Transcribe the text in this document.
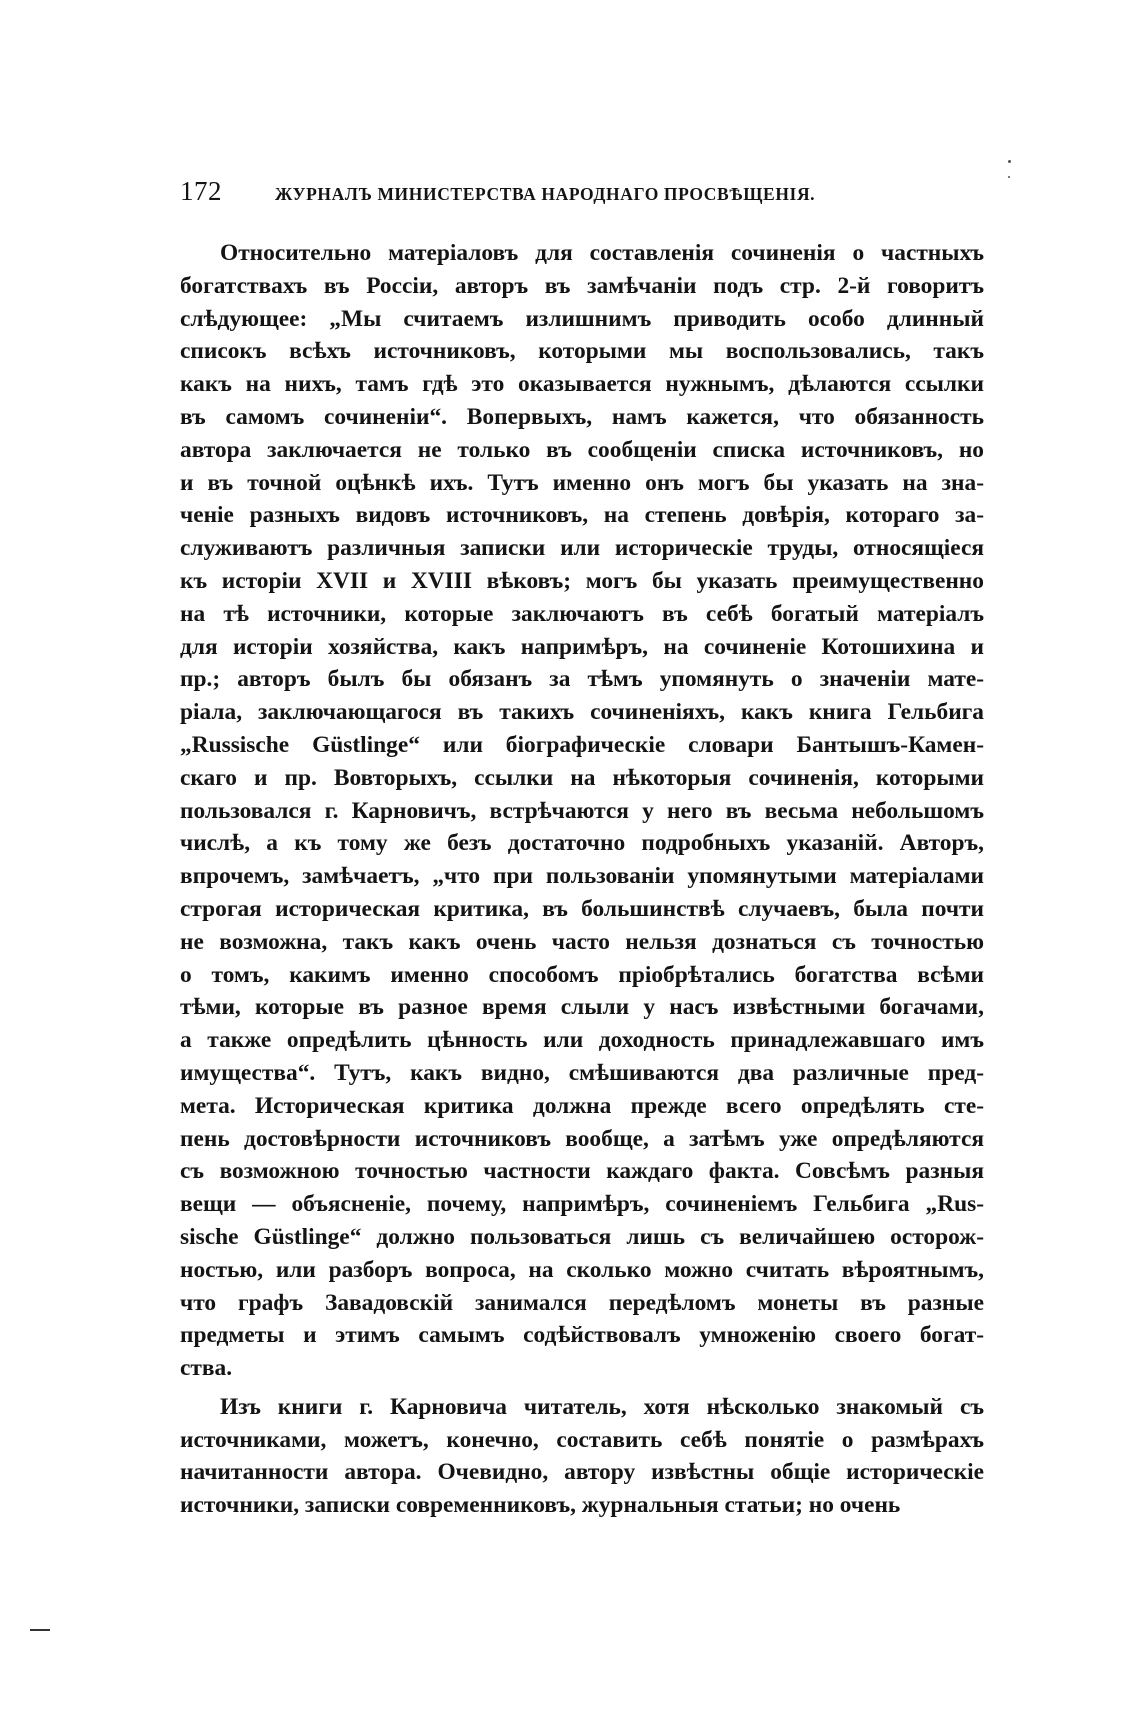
172	ЖУРНАЛЪ МИНИСТЕРСТВА НАРОДНАГО ПРОСВѢЩЕНІЯ.
Относительно матеріаловъ для составленія сочиненія о частныхъ
богатствахъ въ Россіи, авторъ въ замѣчаніи подъ стр. 2-й говоритъ
слѣдующее: „Мы считаемъ излишнимъ приводить особо длинный
списокъ всѣхъ источниковъ, которыми мы воспользовались, такъ
какъ на нихъ, тамъ гдѣ это оказывается нужнымъ, дѣлаются ссылки
въ самомъ сочиненіи“. Вопервыхъ, намъ кажется, что обязанность
автора заключается не только въ сообщеніи списка источниковъ, но
и въ точной оцѣнкѣ ихъ. Тутъ именно онъ могъ бы указать на зна-
ченіе разныхъ видовъ источниковъ, на степень довѣрія, котораго за-
служиваютъ различныя записки или историческіе труды, относящіеся
къ исторіи XVII и XVIII вѣковъ; могъ бы указать преимущественно
на тѣ источники, которые заключаютъ въ себѣ богатый матеріалъ
для исторіи хозяйства, какъ напримѣръ, на сочиненіе Котошихина и
пр.; авторъ былъ бы обязанъ за тѣмъ упомянуть о значеніи мате-
ріала, заключающагося въ такихъ сочиненіяхъ, какъ книга Гельбига
„Russische Güstlinge“ или біографическіе словари Бантышъ-Камен-
скаго и пр. Вовторыхъ, ссылки на нѣкоторыя сочиненія, которыми
пользовался г. Карновичъ, встрѣчаются у него въ весьма небольшомъ
числѣ, а къ тому же безъ достаточно подробныхъ указаній. Авторъ,
впрочемъ, замѣчаетъ, „что при пользованіи упомянутыми матеріалами
строгая историческая критика, въ большинствѣ случаевъ, была почти
не возможна, такъ какъ очень часто нельзя дознаться съ точностью
о томъ, какимъ именно способомъ пріобрѣтались богатства всѣми
тѣми, которые въ разное время слыли у насъ извѣстными богачами,
а также опредѣлить цѣнность или доходность принадлежавшаго имъ
имущества“. Тутъ, какъ видно, смѣшиваются два различные пред-
мета. Историческая критика должна прежде всего опредѣлять сте-
пень достовѣрности источниковъ вообще, а затѣмъ уже опредѣляются
съ возможною точностью частности каждаго факта. Совсѣмъ разныя
вещи — объясненіе, почему, напримѣръ, сочиненіемъ Гельбига „Rus-
sische Güstlinge“ должно пользоваться лишь съ величайшею осторож-
ностью, или разборъ вопроса, на сколько можно считать вѣроятнымъ,
что графъ Завадовскій занимался передѣломъ монеты въ разные
предметы и этимъ самымъ содѣйствовалъ умноженію своего богат-
ства.
Изъ книги г. Карновича читатель, хотя нѣсколько знакомый съ
источниками, можетъ, конечно, составить себѣ понятіе о размѣрахъ
начитанности автора. Очевидно, автору извѣстны общіе историческіе
источники, записки современниковъ, журнальныя статьи; но очень
